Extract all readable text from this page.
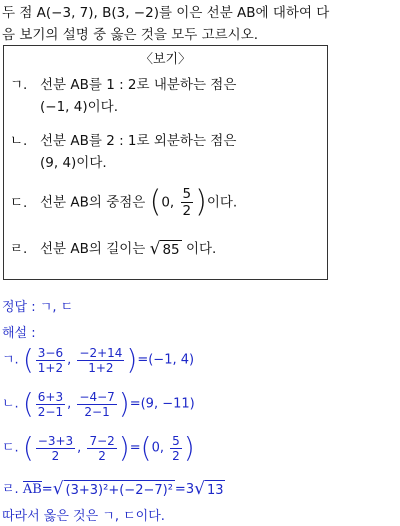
두 점 A(−3, 7), B(3, −2)를 이은 선분 AB에 대하여 다
음 보기의 설명 중 옳은 것을 모두 고르시오.
〈보기〉
ㄱ. 선분 AB를 1 : 2로 내분하는 점은
(−1, 4)이다.
ㄴ. 선분 AB를 2 : 1로 외분하는 점은
(9, 4)이다.
ㄷ. 선분 AB의 중점은 (0, $\frac{5}{2}$ )이다.
ㄹ. 선분 AB의 길이는 √ 85 이다.
정답 : ㄱ, ㄷ
해설 :
ㄱ. ( $\frac{3-6}{1+2}$ , $\frac{-2+14}{1+2} )=(-1$, 4)
ㄴ. ( $\frac{6+3}{2-1}$ , $\frac{-4-7}{2-1} )=(9$, −11)
ㄷ. ( $\frac{-3+3}{2}$ , $\frac{7-2}{2} )=(0$, $\frac{5}{2}$ )
ㄹ. AB= √ (3+3)²+(−2−7)² =3 √ 13
따라서 옳은 것은 ㄱ, ㄷ이다.
